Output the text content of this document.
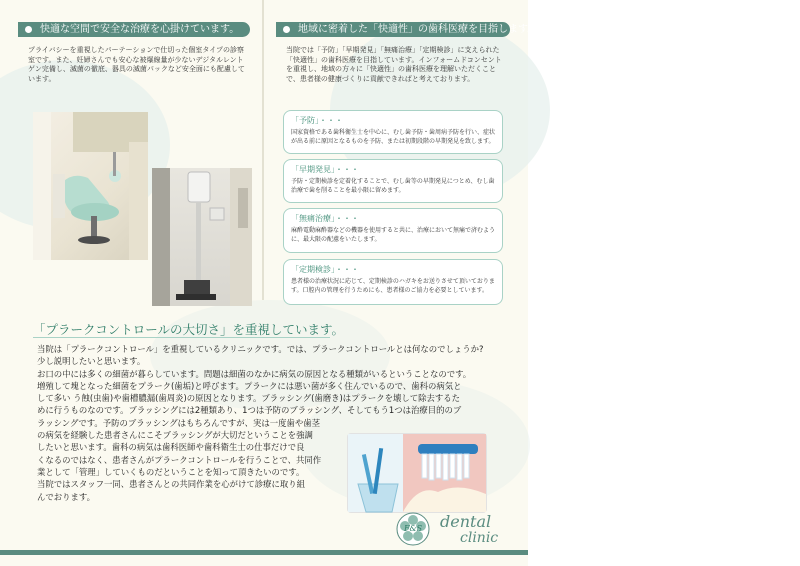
快適な空間で安全な治療を心掛けています。
プライバシーを重視したパーテーションで仕切った個室タイプの診察室です。また、妊婦さんでも安心な被爆線量が少ないデジタルレントゲン完備し、滅菌の徹底、器具の滅菌パックなど安全面にも配慮しています。
地域に密着した「快適性」の歯科医療を目指します。
当院では「予防」「早期発見」「無痛治療」「定期検診」に支えられた「快適性」の歯科医療を目指しています。インフォームドコンセントを重視し、地域の方々に「快適性」の歯科医療を理解いただくことで、患者様の健康づくりに貢献できればと考えております。
「予防」・・・
国家資格である歯科衛生士を中心に、むし歯予防・歯周病予防を行い、症状が出る前に原因となるものを予防、または初期段階の早期発見を致します。
「早期発見」・・・
予防・定期検診を定着化することで、むし歯等の早期発見につとめ、むし歯治療で歯を削ることを最小限に留めます。
「無痛治療」・・・
麻酔電動麻酔器などの機器を使用すると共に、治療において無痛で済むように、最大限の配慮をいたします。
「定期検診」・・・
患者様の治療状況に応じて、定期検診のハガキをお送りさせて頂いております。口腔内の管理を行うためにも、患者様のご協力を必要としています。
「プラークコントロールの大切さ」を重視しています。
当院は「プラークコントロール」を重視しているクリニックです。では、プラークコントロールとは何なのでしょうか?
少し説明したいと思います。
お口の中には多くの細菌が暮らしています。問題は細菌のなかに病気の原因となる種類がいるということなのです。
増殖して塊となった細菌をプラーク(歯垢)と呼びます。プラークには悪い菌が多く住んでいるので、歯科の病気と
して多い う蝕(虫歯)や歯槽膿漏(歯周炎)の原因となります。ブラッシング(歯磨き)はプラークを壊して除去するた
めに行うものなのです。ブラッシングには2種類あり、1つは予防のブラッシング、そしてもう1つは治療目的のブ
ラッシングです。予防のブラッシングはもちろんですが、実は一度歯や歯茎
の病気を経験した患者さんにこそブラッシングが大切だということを強調
したいと思います。歯科の病気は歯科医師や歯科衛生士の仕事だけで良
くなるのではなく、患者さんがプラークコントロールを行うことで、共同作
業として「管理」していくものだということを知って頂きたいのです。
当院ではスタッフ一同、患者さんとの共同作業を心がけて診療に取り組
んでおります。
F&S dental
clinic
